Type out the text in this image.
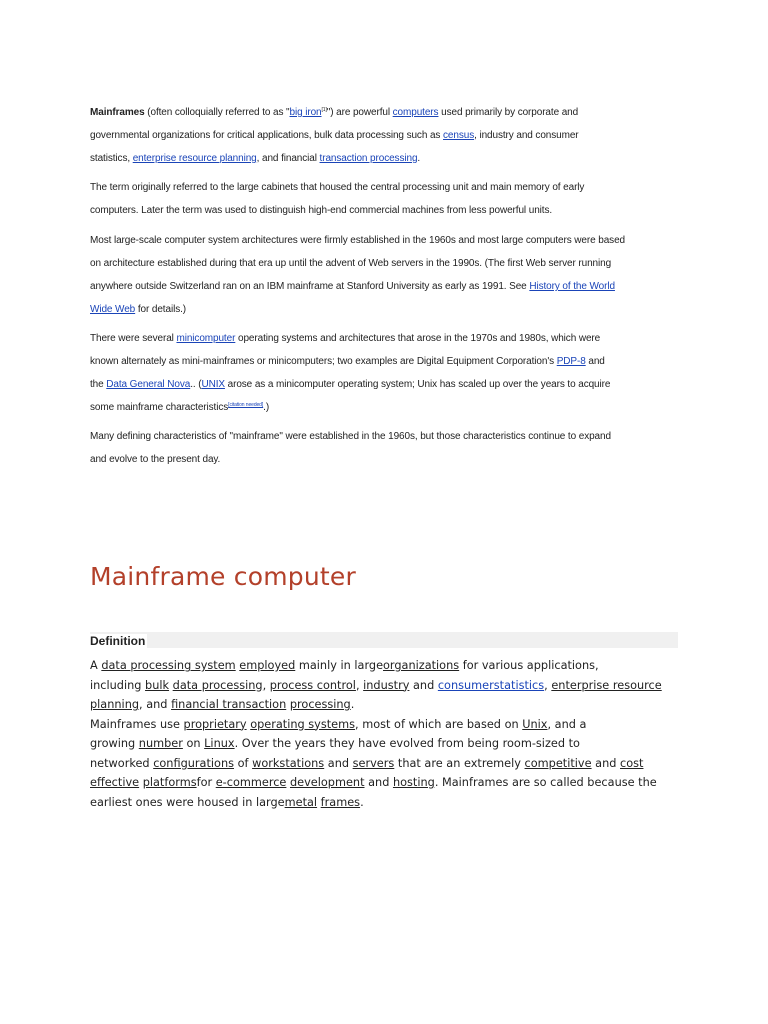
Mainframes (often colloquially referred to as "big iron[1]") are powerful computers used primarily by corporate and

governmental organizations for critical applications, bulk data processing such as census, industry and consumer

statistics, enterprise resource planning, and financial transaction processing.

The term originally referred to the large cabinets that housed the central processing unit and main memory of early

computers. Later the term was used to distinguish high-end commercial machines from less powerful units.

Most large-scale computer system architectures were firmly established in the 1960s and most large computers were based

on architecture established during that era up until the advent of Web servers in the 1990s. (The first Web server running

anywhere outside Switzerland ran on an IBM mainframe at Stanford University as early as 1991. See History of the World

Wide Web for details.)

There were several minicomputer operating systems and architectures that arose in the 1970s and 1980s, which were

known alternately as mini-mainframes or minicomputers; two examples are Digital Equipment Corporation's PDP-8 and

the Data General Nova.. (UNIX arose as a minicomputer operating system; Unix has scaled up over the years to acquire

some mainframe characteristics[citation needed].)

Many defining characteristics of "mainframe" were established in the 1960s, but those characteristics continue to expand

and evolve to the present day.

Mainframe computer
Definition

A data processing system employed mainly in largeorganizations for various applications,
including bulk data processing, process control, industry and consumerstatistics, enterprise resource
planning, and financial transaction processing.
Mainframes use proprietary operating systems, most of which are based on Unix, and a
growing number on Linux. Over the years they have evolved from being room-sized to
networked configurations of workstations and servers that are an extremely competitive and cost
effective platformsfor e-commerce development and hosting. Mainframes are so called because the
earliest ones were housed in largemetal frames.
